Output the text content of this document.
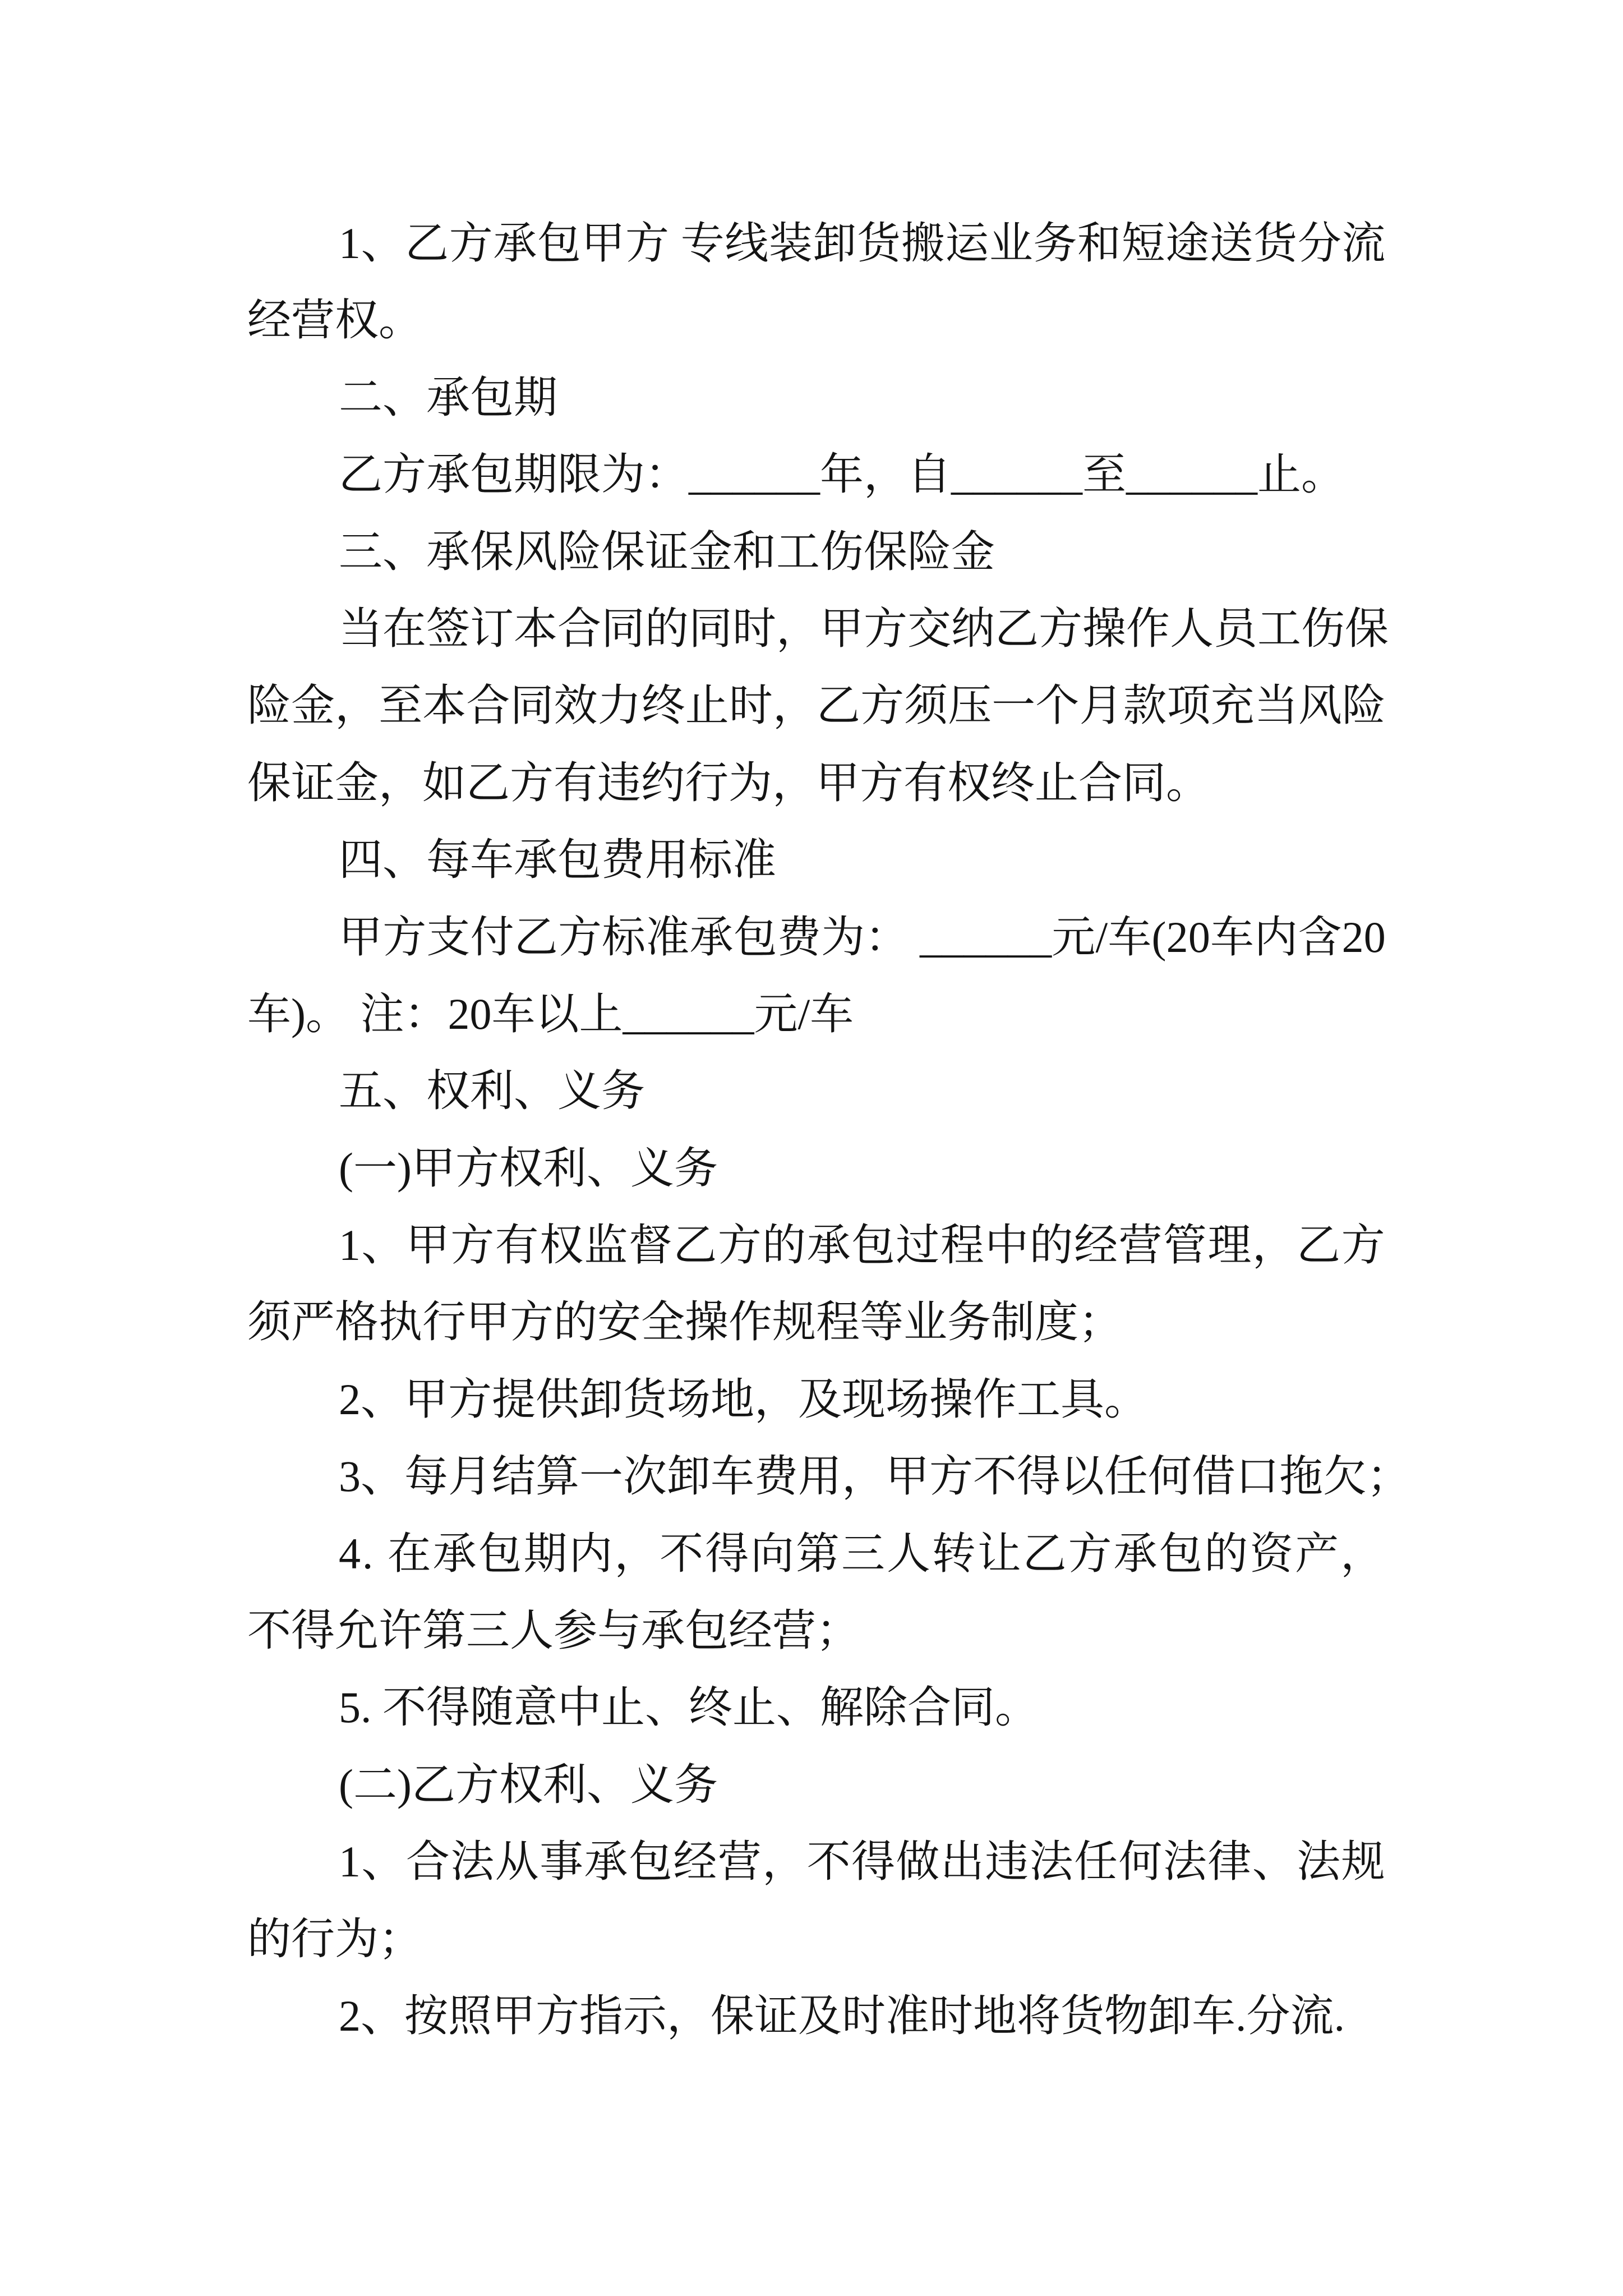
1、乙方承包甲方 专线装卸货搬运业务和短途送货分流
经营权。
二、承包期
乙方承包期限为：______年，自______至______止。
三、承保风险保证金和工伤保险金
当在签订本合同的同时，甲方交纳乙方操作人员工伤保
险金，至本合同效力终止时，乙方须压一个月款项充当风险
保证金，如乙方有违约行为，甲方有权终止合同。
四、每车承包费用标准
甲方支付乙方标准承包费为： ______元/车(20车内含20
车)。 注：20车以上______元/车
五、权利、义务
(一)甲方权利、义务
1、甲方有权监督乙方的承包过程中的经营管理，乙方
须严格执行甲方的安全操作规程等业务制度；
2、甲方提供卸货场地，及现场操作工具。
3、每月结算一次卸车费用，甲方不得以任何借口拖欠；
4. 在承包期内，不得向第三人转让乙方承包的资产，
不得允许第三人参与承包经营；
5. 不得随意中止、终止、解除合同。
(二)乙方权利、义务
1、合法从事承包经营，不得做出违法任何法律、法规
的行为；
2、按照甲方指示，保证及时准时地将货物卸车.分流.
